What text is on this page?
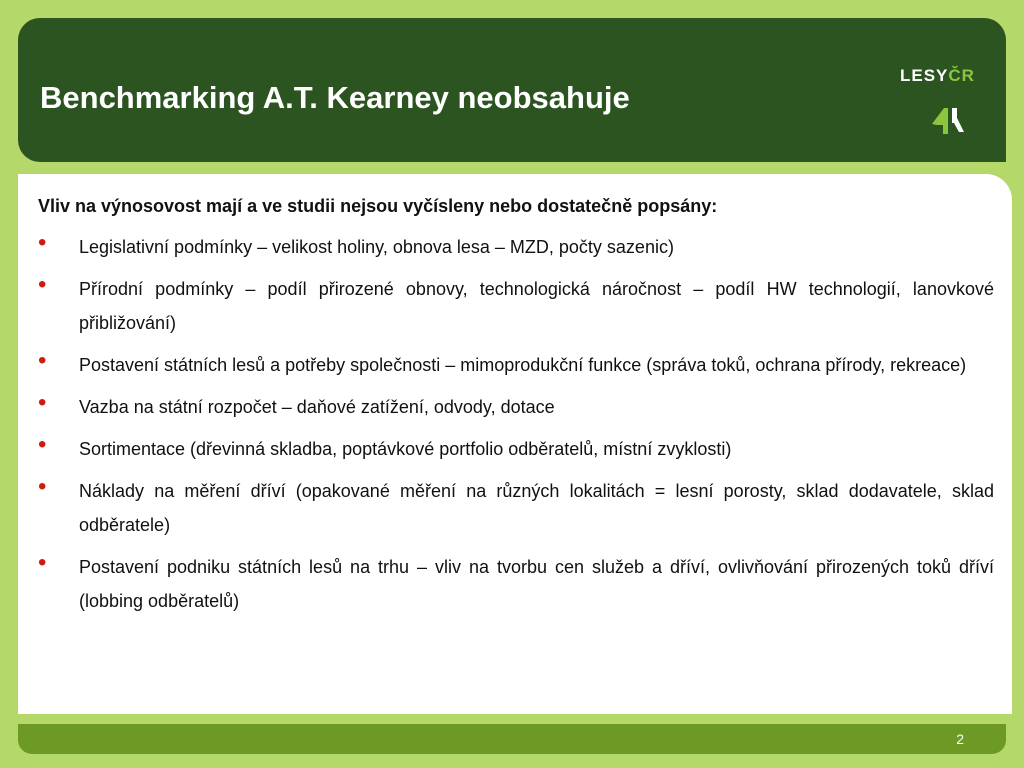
Benchmarking A.T. Kearney neobsahuje
LESYČR

Vliv na výnosovost mají a ve studii nejsou vyčísleny nebo dostatečně popsány:

• Legislativní podmínky – velikost holiny, obnova lesa – MZD, počty sazenic)
• Přírodní podmínky – podíl přirozené obnovy, technologická náročnost – podíl HW technologií, lanovkové přibližování)
• Postavení státních lesů a potřeby společnosti – mimoprodukční funkce (správa toků, ochrana přírody, rekreace)
• Vazba na státní rozpočet – daňové zatížení, odvody, dotace
• Sortimentace (dřevinná skladba, poptávkové portfolio odběratelů, místní zvyklosti)
• Náklady na měření dříví (opakované měření na různých lokalitách = lesní porosty, sklad dodavatele, sklad odběratele)
• Postavení podniku státních lesů na trhu – vliv na tvorbu cen služeb a dříví, ovlivňování přirozených toků dříví (lobbing odběratelů)
2
